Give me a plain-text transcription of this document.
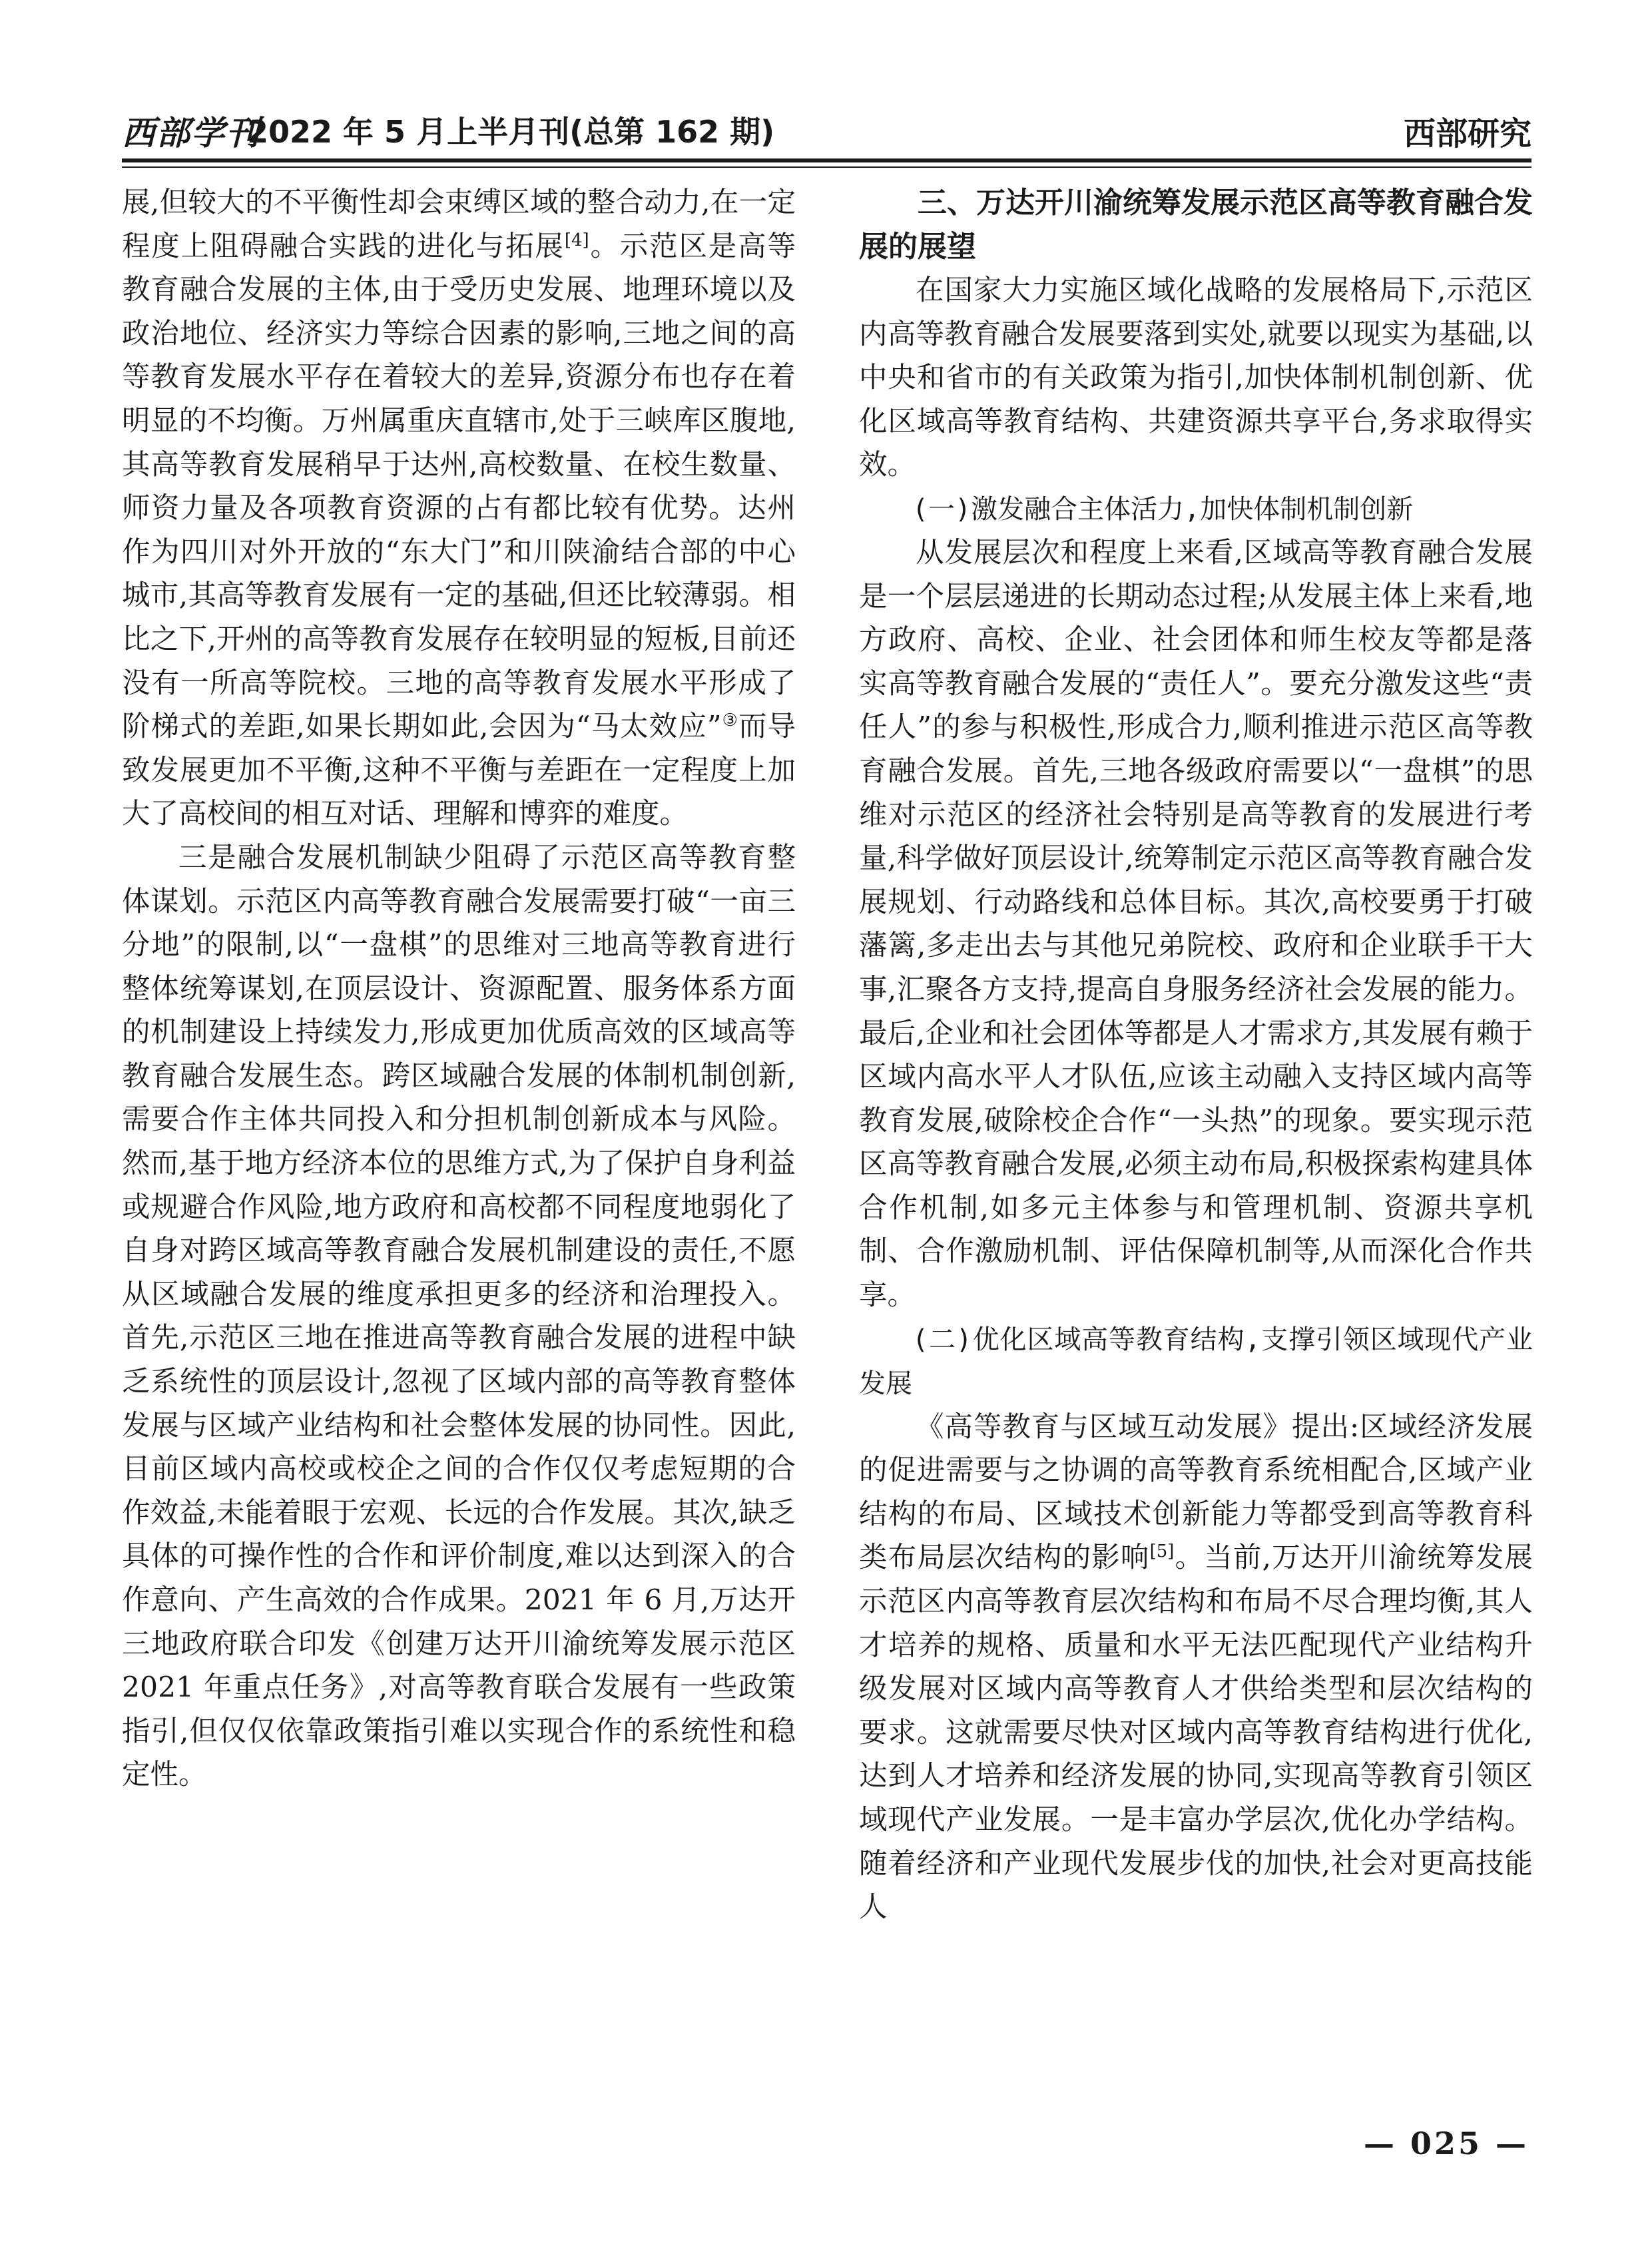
西部学刊
2022 年 5 月上半月刊(总第 162 期)	西部研究

展,但较大的不平衡性却会束缚区域的整合动力,在一定程度上阻碍融合实践的进化与拓展[4]。示范区是高等教育融合发展的主体,由于受历史发展、地理环境以及政治地位、经济实力等综合因素的影响,三地之间的高等教育发展水平存在着较大的差异,资源分布也存在着明显的不均衡。万州属重庆直辖市,处于三峡库区腹地,其高等教育发展稍早于达州,高校数量、在校生数量、师资力量及各项教育资源的占有都比较有优势。达州作为四川对外开放的“东大门”和川陕渝结合部的中心城市,其高等教育发展有一定的基础,但还比较薄弱。相比之下,开州的高等教育发展存在较明显的短板,目前还没有一所高等院校。三地的高等教育发展水平形成了阶梯式的差距,如果长期如此,会因为“马太效应”③而导致发展更加不平衡,这种不平衡与差距在一定程度上加大了高校间的相互对话、理解和博弈的难度。

三是融合发展机制缺少阻碍了示范区高等教育整体谋划。示范区内高等教育融合发展需要打破“一亩三分地”的限制,以“一盘棋”的思维对三地高等教育进行整体统筹谋划,在顶层设计、资源配置、服务体系方面的机制建设上持续发力,形成更加优质高效的区域高等教育融合发展生态。跨区域融合发展的体制机制创新,需要合作主体共同投入和分担机制创新成本与风险。然而,基于地方经济本位的思维方式,为了保护自身利益或规避合作风险,地方政府和高校都不同程度地弱化了自身对跨区域高等教育融合发展机制建设的责任,不愿从区域融合发展的维度承担更多的经济和治理投入。首先,示范区三地在推进高等教育融合发展的进程中缺乏系统性的顶层设计,忽视了区域内部的高等教育整体发展与区域产业结构和社会整体发展的协同性。因此,目前区域内高校或校企之间的合作仅仅考虑短期的合作效益,未能着眼于宏观、长远的合作发展。其次,缺乏具体的可操作性的合作和评价制度,难以达到深入的合作意向、产生高效的合作成果。2021 年 6 月,万达开三地政府联合印发《创建万达开川渝统筹发展示范区 2021 年重点任务》,对高等教育联合发展有一些政策指引,但仅仅依靠政策指引难以实现合作的系统性和稳定性。

三、万达开川渝统筹发展示范区高等教育融合发展的展望

在国家大力实施区域化战略的发展格局下,示范区内高等教育融合发展要落到实处,就要以现实为基础,以中央和省市的有关政策为指引,加快体制机制创新、优化区域高等教育结构、共建资源共享平台,务求取得实效。

(一)激发融合主体活力,加快体制机制创新

从发展层次和程度上来看,区域高等教育融合发展是一个层层递进的长期动态过程;从发展主体上来看,地方政府、高校、企业、社会团体和师生校友等都是落实高等教育融合发展的“责任人”。要充分激发这些“责任人”的参与积极性,形成合力,顺利推进示范区高等教育融合发展。首先,三地各级政府需要以“一盘棋”的思维对示范区的经济社会特别是高等教育的发展进行考量,科学做好顶层设计,统筹制定示范区高等教育融合发展规划、行动路线和总体目标。其次,高校要勇于打破藩篱,多走出去与其他兄弟院校、政府和企业联手干大事,汇聚各方支持,提高自身服务经济社会发展的能力。最后,企业和社会团体等都是人才需求方,其发展有赖于区域内高水平人才队伍,应该主动融入支持区域内高等教育发展,破除校企合作“一头热”的现象。要实现示范区高等教育融合发展,必须主动布局,积极探索构建具体合作机制,如多元主体参与和管理机制、资源共享机制、合作激励机制、评估保障机制等,从而深化合作共享。

(二)优化区域高等教育结构,支撑引领区域现代产业发展

《高等教育与区域互动发展》提出:区域经济发展的促进需要与之协调的高等教育系统相配合,区域产业结构的布局、区域技术创新能力等都受到高等教育科类布局层次结构的影响[5]。当前,万达开川渝统筹发展示范区内高等教育层次结构和布局不尽合理均衡,其人才培养的规格、质量和水平无法匹配现代产业结构升级发展对区域内高等教育人才供给类型和层次结构的要求。这就需要尽快对区域内高等教育结构进行优化,达到人才培养和经济发展的协同,实现高等教育引领区域现代产业发展。一是丰富办学层次,优化办学结构。随着经济和产业现代发展步伐的加快,社会对更高技能人

— 025 —
